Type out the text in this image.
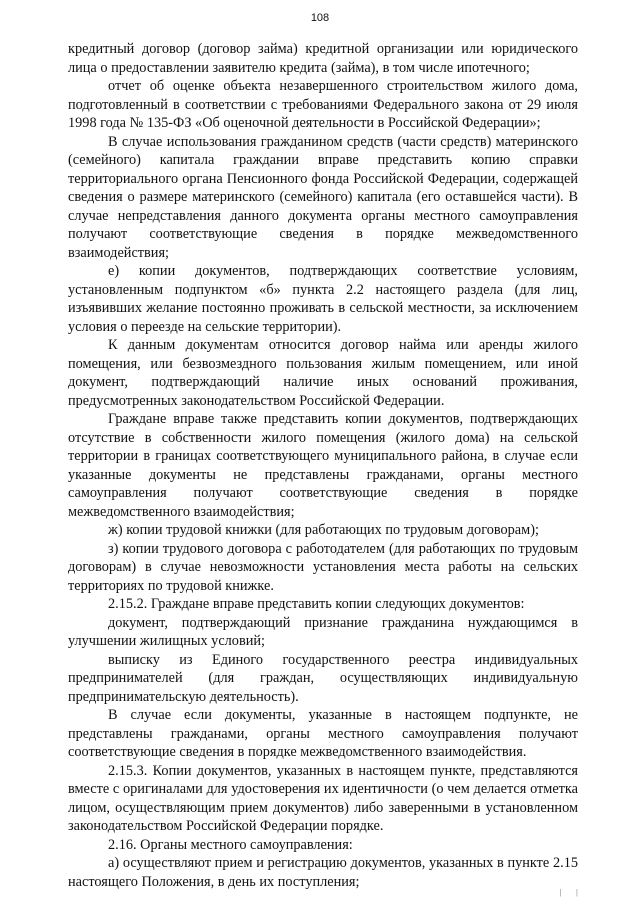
108

кредитный договор (договор займа) кредитной организации или юридического лица о предоставлении заявителю кредита (займа), в том числе ипотечного;

отчет об оценке объекта незавершенного строительством жилого дома, подготовленный в соответствии с требованиями Федерального закона от 29 июля 1998 года № 135-ФЗ «Об оценочной деятельности в Российской Федерации»;

В случае использования гражданином средств (части средств) материнского (семейного) капитала граждании вправе представить копию справки территориального органа Пенсионного фонда Российской Федерации, содержащей сведения о размере материнского (семейного) капитала (его оставшейся части). В случае непредставления данного документа органы местного самоуправления получают соответствующие сведения в порядке межведомственного взаимодействия;

е) копии документов, подтверждающих соответствие условиям, установленным подпунктом «б» пункта 2.2 настоящего раздела (для лиц, изъявивших желание постоянно проживать в сельской местности, за исключением условия о переезде на сельские территории).

К данным документам относится договор найма или аренды жилого помещения, или безвозмездного пользования жилым помещением, или иной документ, подтверждающий наличие иных оснований проживания, предусмотренных законодательством Российской Федерации.

Граждане вправе также представить копии документов, подтверждающих отсутствие в собственности жилого помещения (жилого дома) на сельской территории в границах соответствующего муниципального района, в случае если указанные документы не представлены гражданами, органы местного самоуправления получают соответствующие сведения в порядке межведомственного взаимодействия;

ж) копии трудовой книжки (для работающих по трудовым договорам);

з) копии трудового договора с работодателем (для работающих по трудовым договорам) в случае невозможности установления места работы на сельских территориях по трудовой книжке.

2.15.2. Граждане вправе представить копии следующих документов:

документ, подтверждающий признание гражданина нуждающимся в улучшении жилищных условий;

выписку из Единого государственного реестра индивидуальных предпринимателей (для граждан, осуществляющих индивидуальную предпринимательскую деятельность).

В случае если документы, указанные в настоящем подпункте, не представлены гражданами, органы местного самоуправления получают соответствующие сведения в порядке межведомственного взаимодействия.

2.15.3. Копии документов, указанных в настоящем пункте, представляются вместе с оригиналами для удостоверения их идентичности (о чем делается отметка лицом, осуществляющим прием документов) либо заверенными в установленном законодательством Российской Федерации порядке.

2.16. Органы местного самоуправления:

а) осуществляют прием и регистрацию документов, указанных в пункте 2.15 настоящего Положения, в день их поступления;

| |
